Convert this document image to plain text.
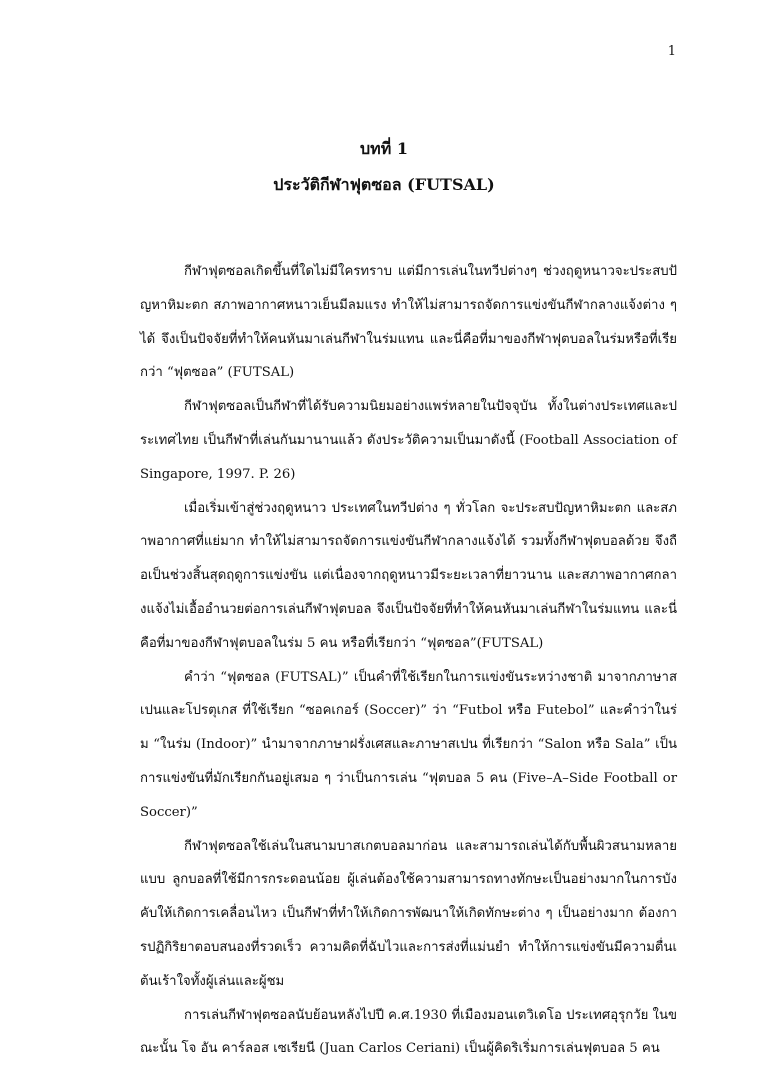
1
บทที่ 1
ประวัติกีฬาฟุตซอล (FUTSAL)

กีฬาฟุตซอลเกิดขึ้นที่ใดไม่มีใครทราบ แต่มีการเล่นในทวีปต่างๆ ช่วงฤดูหนาวจะประสบปัญหาหิมะตก สภาพอากาศหนาวเย็นมีลมแรง ทำให้ไม่สามารถจัดการแข่งขันกีฬากลางแจ้งต่าง ๆ ได้ จึงเป็นปัจจัยที่ทำให้คนหันมาเล่นกีฬาในร่มแทน และนี่คือที่มาของกีฬาฟุตบอลในร่มหรือที่เรียกว่า “ฟุตซอล” (FUTSAL)

กีฬาฟุตซอลเป็นกีฬาที่ได้รับความนิยมอย่างแพร่หลายในปัจจุบัน ทั้งในต่างประเทศและประเทศไทย เป็นกีฬาที่เล่นกันมานานแล้ว ดังประวัติความเป็นมาดังนี้ (Football Association of Singapore, 1997. P. 26)

เมื่อเริ่มเข้าสู่ช่วงฤดูหนาว ประเทศในทวีปต่าง ๆ ทั่วโลก จะประสบปัญหาหิมะตก และสภาพอากาศที่แย่มาก ทำให้ไม่สามารถจัดการแข่งขันกีฬากลางแจ้งได้ รวมทั้งกีฬาฟุตบอลด้วย จึงถือเป็นช่วงสิ้นสุดฤดูการแข่งขัน แต่เนื่องจากฤดูหนาวมีระยะเวลาที่ยาวนาน และสภาพอากาศกลางแจ้งไม่เอื้ออำนวยต่อการเล่นกีฬาฟุตบอล จึงเป็นปัจจัยที่ทำให้คนหันมาเล่นกีฬาในร่มแทน และนี่คือที่มาของกีฬาฟุตบอลในร่ม 5 คน หรือที่เรียกว่า “ฟุตซอล”(FUTSAL)

คำว่า “ฟุตซอล (FUTSAL)” เป็นคำที่ใช้เรียกในการแข่งขันระหว่างชาติ มาจากภาษาสเปนและโปรตุเกส ที่ใช้เรียก “ซอคเกอร์ (Soccer)” ว่า “Futbol หรือ Futebol” และคำว่าในร่ม “ในร่ม (Indoor)” นำมาจากภาษาฝรั่งเศสและภาษาสเปน ที่เรียกว่า “Salon หรือ Sala” เป็นการแข่งขันที่มักเรียกกันอยู่เสมอ ๆ ว่าเป็นการเล่น “ฟุตบอล 5 คน (Five–A–Side Football or Soccer)”

กีฬาฟุตซอลใช้เล่นในสนามบาสเกตบอลมาก่อน และสามารถเล่นได้กับพื้นผิวสนามหลายแบบ ลูกบอลที่ใช้มีการกระดอนน้อย ผู้เล่นต้องใช้ความสามารถทางทักษะเป็นอย่างมากในการบังคับให้เกิดการเคลื่อนไหว เป็นกีฬาที่ทำให้เกิดการพัฒนาให้เกิดทักษะต่าง ๆ เป็นอย่างมาก ต้องการปฏิกิริยาตอบสนองที่รวดเร็ว ความคิดที่ฉับไวและการส่งที่แม่นยำ ทำให้การแข่งขันมีความตื่นเต้นเร้าใจทั้งผู้เล่นและผู้ชม

การเล่นกีฬาฟุตซอลนับย้อนหลังไปปี ค.ศ.1930 ที่เมืองมอนเตวิเดโอ ประเทศอุรุกวัย ในขณะนั้น โจ อัน คาร์ลอส เซเรียนี (Juan Carlos Ceriani) เป็นผู้คิดริเริ่มการเล่นฟุตบอล 5 คน
